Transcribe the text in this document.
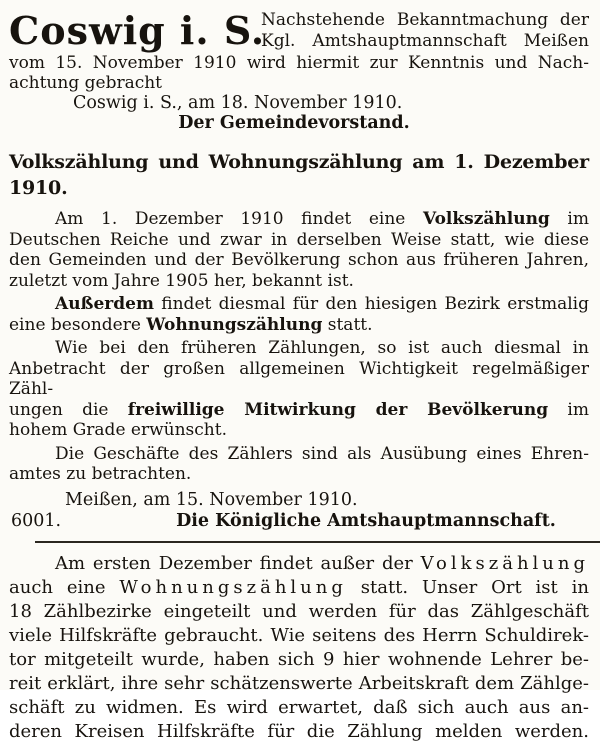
Coswig i. S.
Nachstehende Bekanntmachung der
Kgl. Amtshauptmannschaft Meißen
vom 15. November 1910 wird hiermit zur Kenntnis und Nach-
achtung gebracht
Coswig i. S., am 18. November 1910.
Der Gemeindevorstand.
Volkszählung und Wohnungszählung am 1. Dezember 1910.
Am 1. Dezember 1910 findet eine Volkszählung im
Deutschen Reiche und zwar in derselben Weise statt, wie diese
den Gemeinden und der Bevölkerung schon aus früheren Jahren,
zuletzt vom Jahre 1905 her, bekannt ist.
Außerdem findet diesmal für den hiesigen Bezirk erstmalig
eine besondere Wohnungszählung statt.
Wie bei den früheren Zählungen, so ist auch diesmal in
Anbetracht der großen allgemeinen Wichtigkeit regelmäßiger Zähl-
ungen die freiwillige Mitwirkung der Bevölkerung im
hohem Grade erwünscht.
Die Geschäfte des Zählers sind als Ausübung eines Ehren-
amtes zu betrachten.
Meißen, am 15. November 1910.
6001.	Die Königliche Amtshauptmannschaft.
Am ersten Dezember findet außer der Volkszählung
auch eine Wohnungszählung statt. Unser Ort ist in
18 Zählbezirke eingeteilt und werden für das Zählgeschäft
viele Hilfskräfte gebraucht. Wie seitens des Herrn Schuldirek-
tor mitgeteilt wurde, haben sich 9 hier wohnende Lehrer be-
reit erklärt, ihre sehr schätzenswerte Arbeitskraft dem Zählge-
schäft zu widmen. Es wird erwartet, daß sich auch aus an-
deren Kreisen Hilfskräfte für die Zählung melden werden.
